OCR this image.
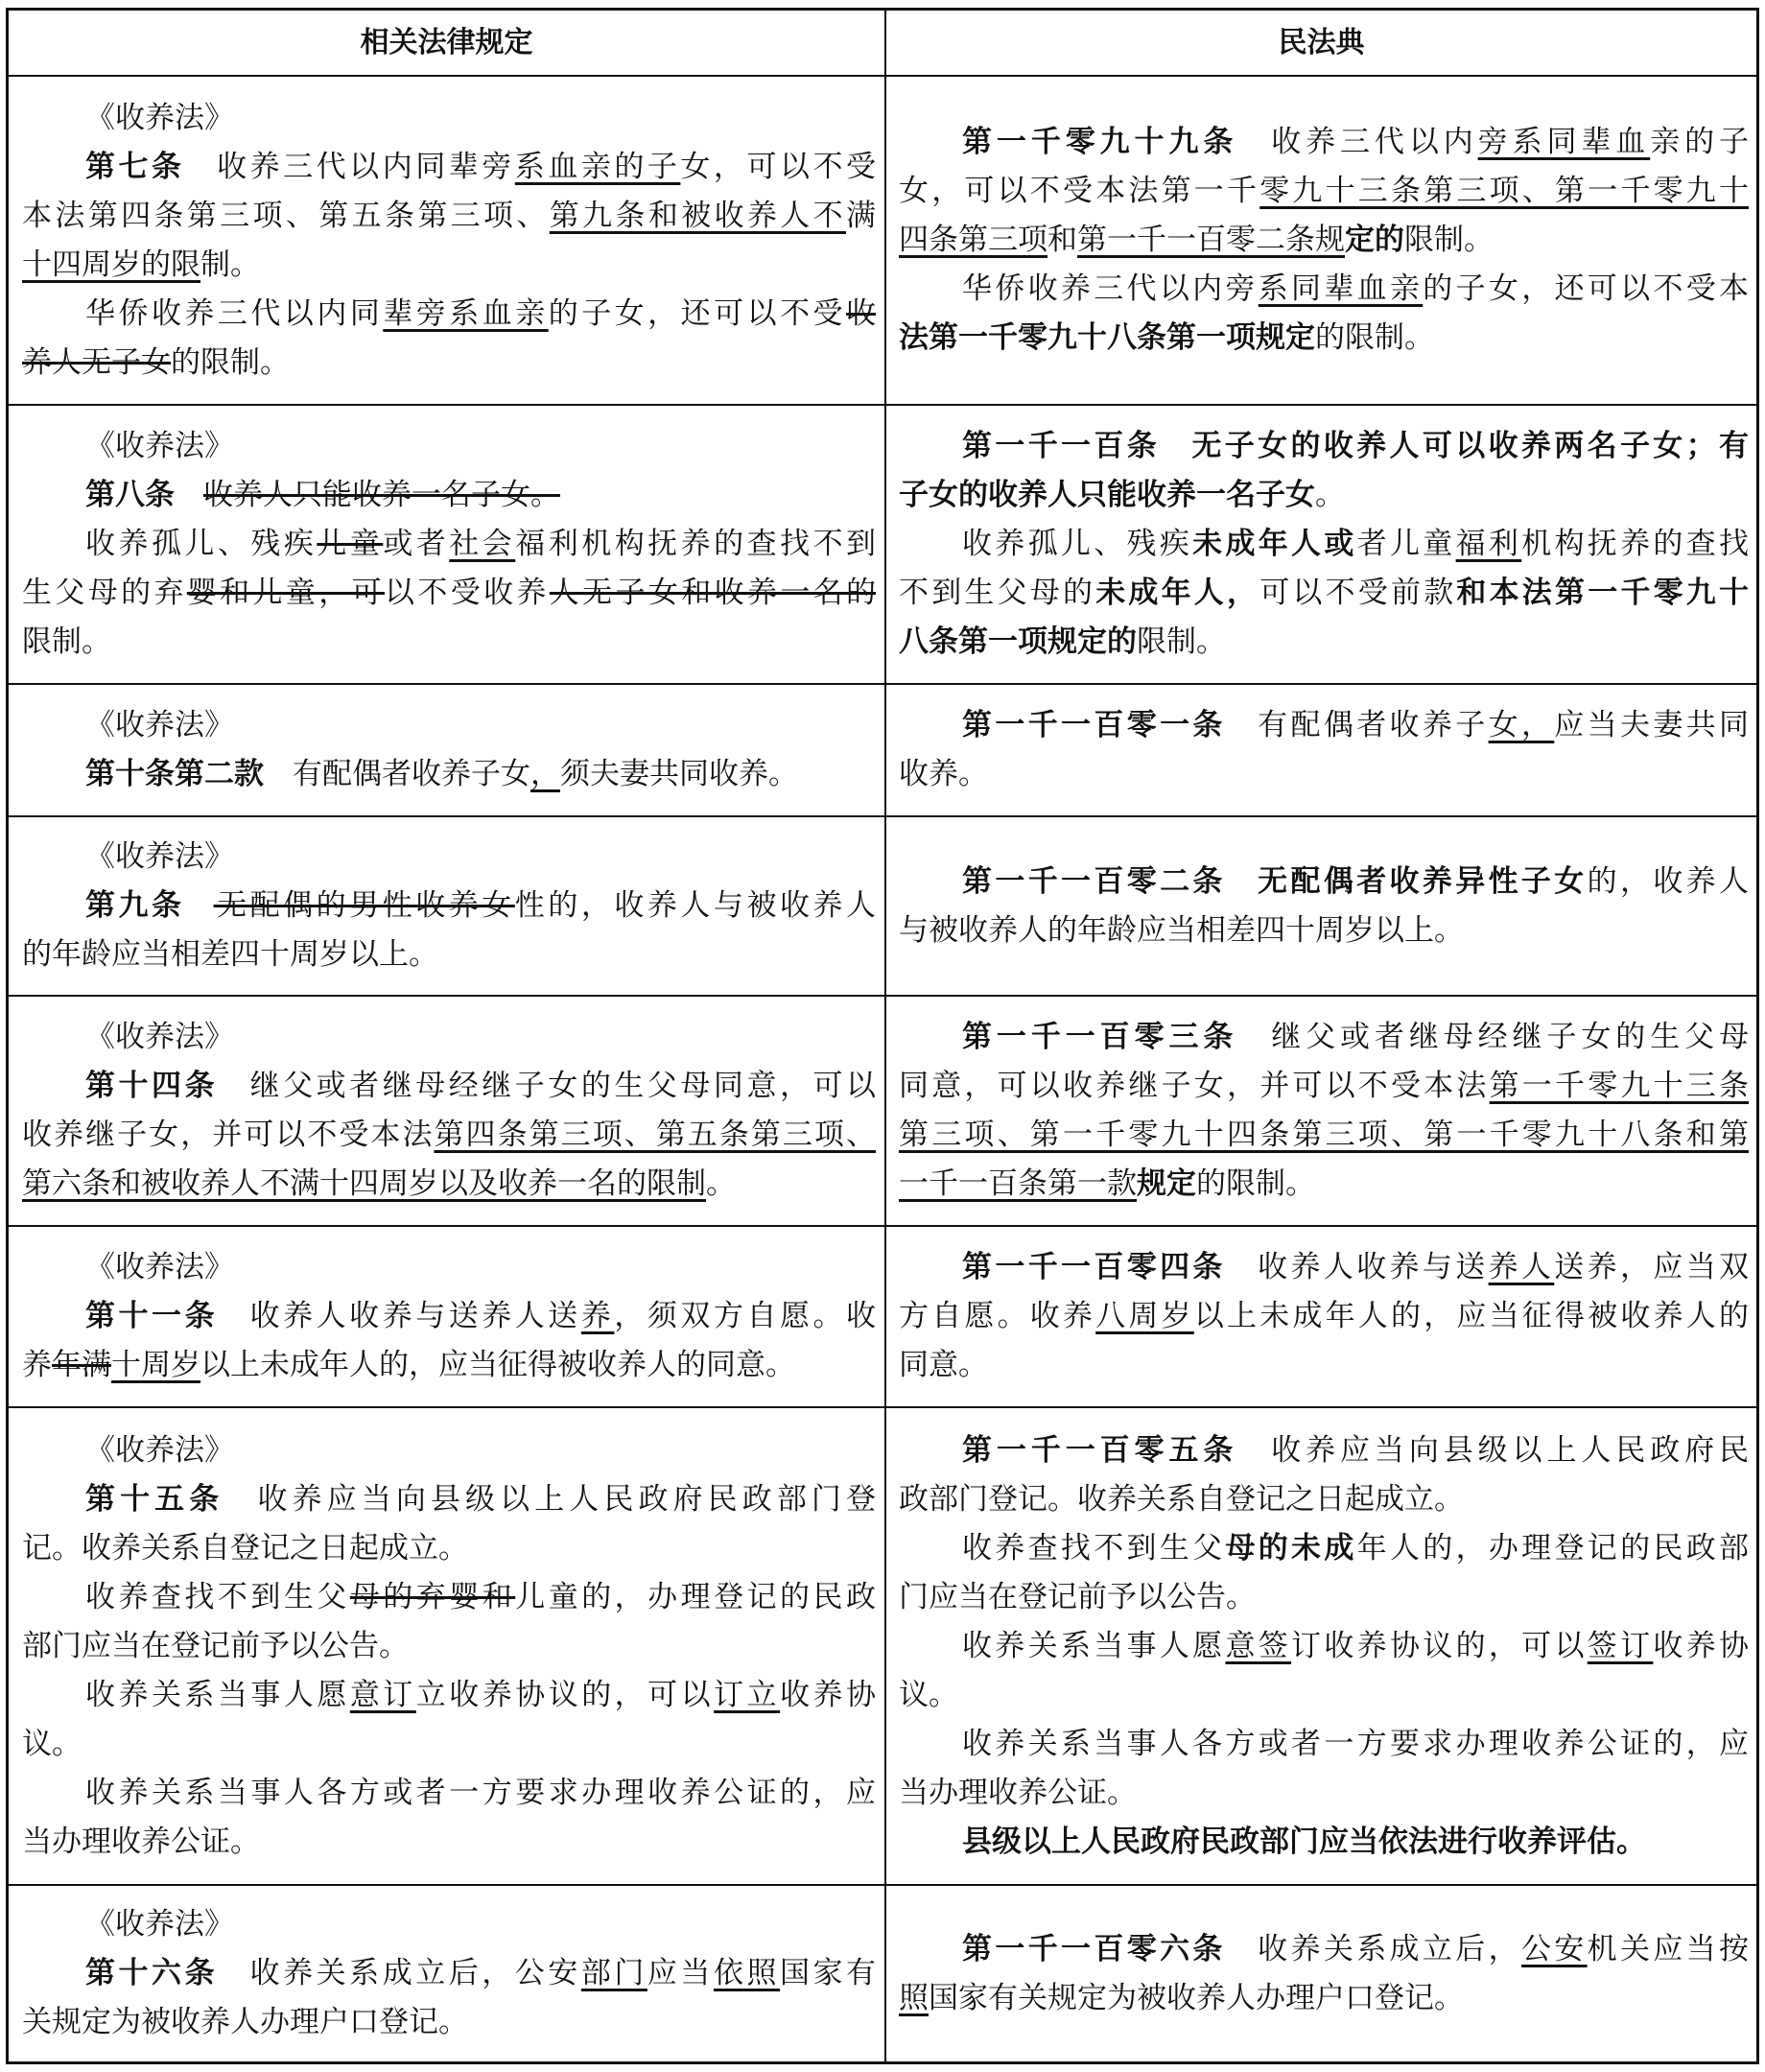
相关法律规定	民法典
《收养法》
第七条 收养三代以内同辈旁系血亲的子女，可以不受
本法第四条第三项、第五条第三项、第九条和被收养人不满
十四周岁的限制。
华侨收养三代以内同辈旁系血亲的子女，还可以不受收
养人无子女的限制。
第一千零九十九条 收养三代以内旁系同辈血亲的子
女，可以不受本法第一千零九十三条第三项、第一千零九十
四条第三项和第一千一百零二条规定的限制。
华侨收养三代以内旁系同辈血亲的子女，还可以不受本
法第一千零九十八条第一项规定的限制。
《收养法》
第八条 收养人只能收养一名子女。
收养孤儿、残疾儿童或者社会福利机构抚养的查找不到
生父母的弃婴和儿童，可以不受收养人无子女和收养一名的
限制。
第一千一百条 无子女的收养人可以收养两名子女；有
子女的收养人只能收养一名子女。
收养孤儿、残疾未成年人或者儿童福利机构抚养的查找
不到生父母的未成年人，可以不受前款和本法第一千零九十
八条第一项规定的限制。
《收养法》
第十条第二款 有配偶者收养子女，须夫妻共同收养。
第一千一百零一条 有配偶者收养子女，应当夫妻共同
收养。
《收养法》
第九条 无配偶的男性收养女性的，收养人与被收养人
的年龄应当相差四十周岁以上。
第一千一百零二条 无配偶者收养异性子女的，收养人
与被收养人的年龄应当相差四十周岁以上。
《收养法》
第十四条 继父或者继母经继子女的生父母同意，可以
收养继子女，并可以不受本法第四条第三项、第五条第三项、
第六条和被收养人不满十四周岁以及收养一名的限制。
第一千一百零三条 继父或者继母经继子女的生父母
同意，可以收养继子女，并可以不受本法第一千零九十三条
第三项、第一千零九十四条第三项、第一千零九十八条和第
一千一百条第一款规定的限制。
《收养法》
第十一条 收养人收养与送养人送养，须双方自愿。收
养年满十周岁以上未成年人的，应当征得被收养人的同意。
第一千一百零四条 收养人收养与送养人送养，应当双
方自愿。收养八周岁以上未成年人的，应当征得被收养人的
同意。
《收养法》
第十五条 收养应当向县级以上人民政府民政部门登
记。收养关系自登记之日起成立。
收养查找不到生父母的弃婴和儿童的，办理登记的民政
部门应当在登记前予以公告。
收养关系当事人愿意订立收养协议的，可以订立收养协
议。
收养关系当事人各方或者一方要求办理收养公证的，应
当办理收养公证。
第一千一百零五条 收养应当向县级以上人民政府民
政部门登记。收养关系自登记之日起成立。
收养查找不到生父母的未成年人的，办理登记的民政部
门应当在登记前予以公告。
收养关系当事人愿意签订收养协议的，可以签订收养协
议。
收养关系当事人各方或者一方要求办理收养公证的，应
当办理收养公证。
县级以上人民政府民政部门应当依法进行收养评估。
《收养法》
第十六条 收养关系成立后，公安部门应当依照国家有
关规定为被收养人办理户口登记。
第一千一百零六条 收养关系成立后，公安机关应当按
照国家有关规定为被收养人办理户口登记。
